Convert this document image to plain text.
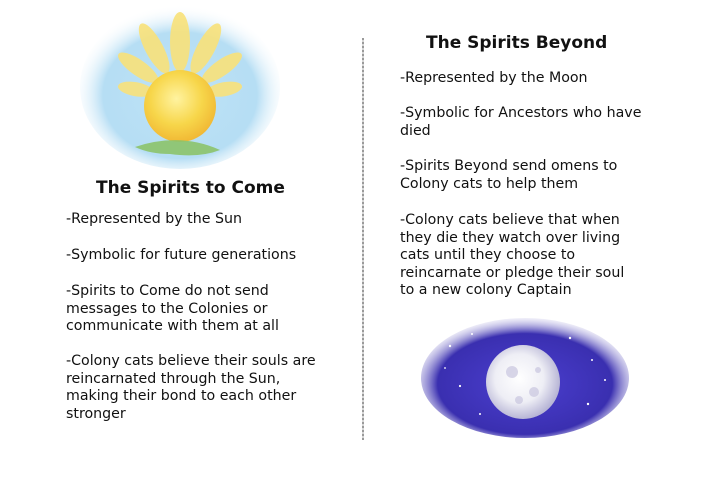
The Spirits to Come

-Represented by the Sun

-Symbolic for future generations

-Spirits to Come do not send messages to the Colonies or communicate with them at all

-Colony cats believe their souls are reincarnated through the Sun, making their bond to each other stronger

The Spirits Beyond

-Represented by the Moon

-Symbolic for Ancestors who have died

-Spirits Beyond send omens to Colony cats to help them

-Colony cats believe that when they die they watch over living cats until they choose to reincarnate or pledge their soul to a new colony Captain
